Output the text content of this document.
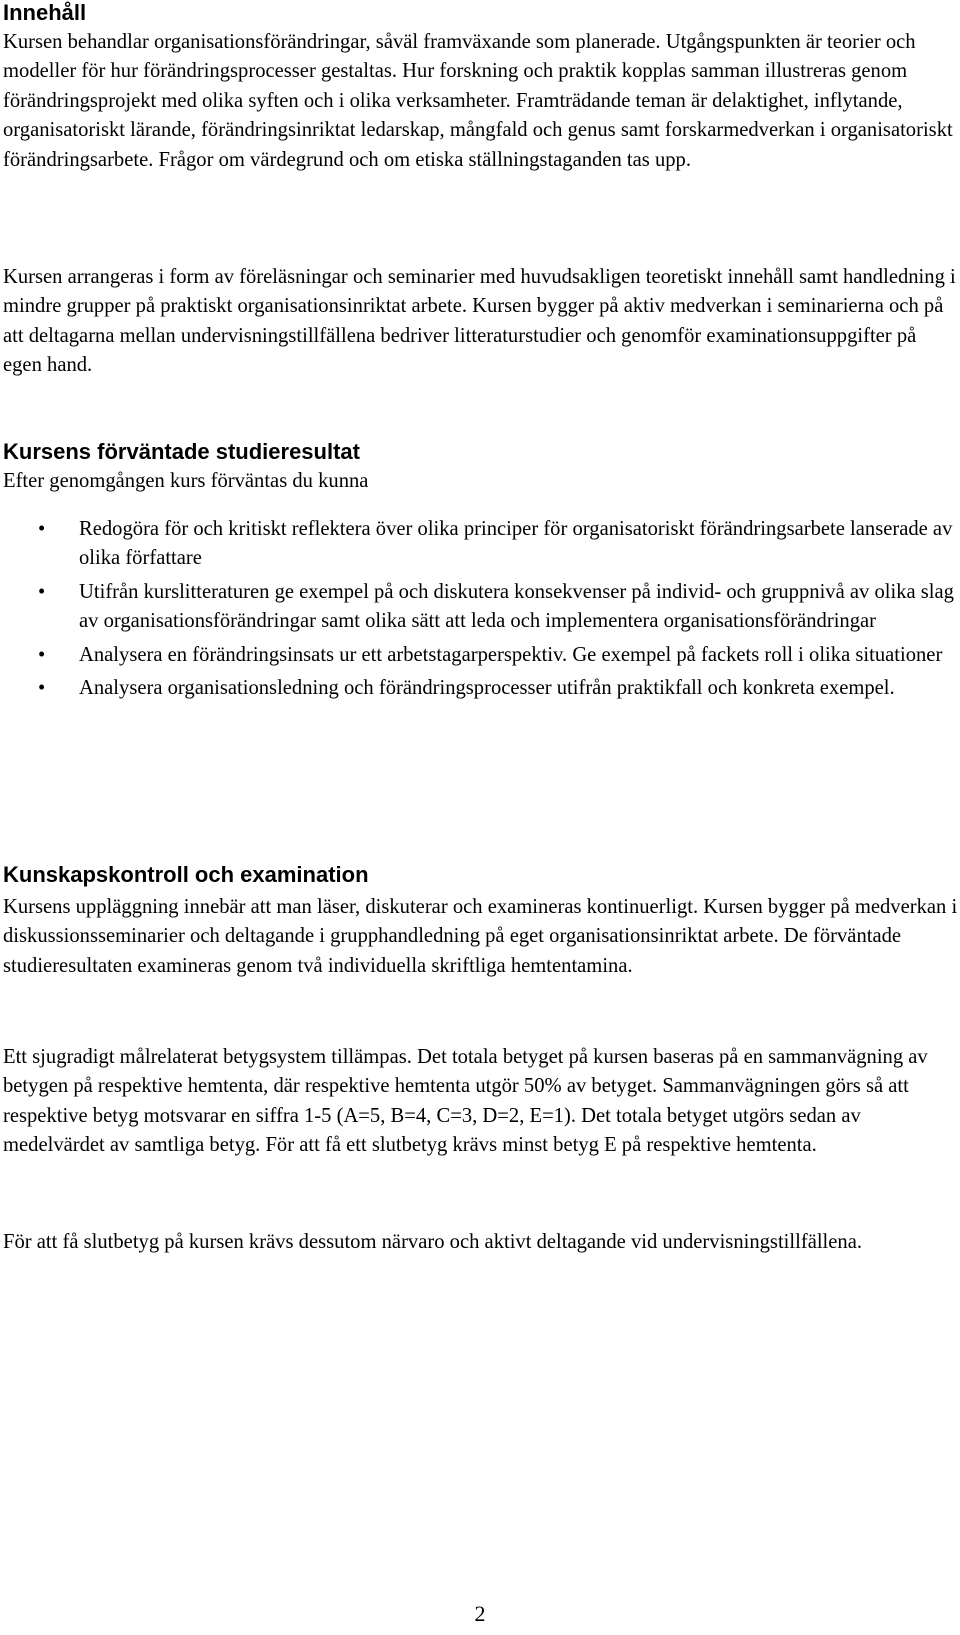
Innehåll

Kursen behandlar organisationsförändringar, såväl framväxande som planerade. Utgångspunkten är teorier och modeller för hur förändringsprocesser gestaltas. Hur forskning och praktik kopplas samman illustreras genom förändringsprojekt med olika syften och i olika verksamheter. Framträdande teman är delaktighet, inflytande, organisatoriskt lärande, förändringsinriktat ledarskap, mångfald och genus samt forskarmedverkan i organisatoriskt förändringsarbete. Frågor om värdegrund och om etiska ställningstaganden tas upp.

Kursen arrangeras i form av föreläsningar och seminarier med huvudsakligen teoretiskt innehåll samt handledning i mindre grupper på praktiskt organisationsinriktat arbete. Kursen bygger på aktiv medverkan i seminarierna och på att deltagarna mellan undervisningstillfällena bedriver litteraturstudier och genomför examinationsuppgifter på egen hand.

Kursens förväntade studieresultat

Efter genomgången kurs förväntas du kunna

• Redogöra för och kritiskt reflektera över olika principer för organisatoriskt förändringsarbete lanserade av olika författare
• Utifrån kurslitteraturen ge exempel på och diskutera konsekvenser på individ- och gruppnivå av olika slag av organisationsförändringar samt olika sätt att leda och implementera organisationsförändringar
• Analysera en förändringsinsats ur ett arbetstagarperspektiv. Ge exempel på fackets roll i olika situationer
• Analysera organisationsledning och förändringsprocesser utifrån praktikfall och konkreta exempel.
Kunskapskontroll och examination

Kursens uppläggning innebär att man läser, diskuterar och examineras kontinuerligt. Kursen bygger på medverkan i diskussionsseminarier och deltagande i grupphandledning på eget organisationsinriktat arbete. De förväntade studieresultaten examineras genom två individuella skriftliga hemtentamina.

Ett sjugradigt målrelaterat betygsystem tillämpas. Det totala betyget på kursen baseras på en sammanvägning av betygen på respektive hemtenta, där respektive hemtenta utgör 50% av betyget. Sammanvägningen görs så att respektive betyg motsvarar en siffra 1-5 (A=5, B=4, C=3, D=2, E=1). Det totala betyget utgörs sedan av medelvärdet av samtliga betyg. För att få ett slutbetyg krävs minst betyg E på respektive hemtenta.

För att få slutbetyg på kursen krävs dessutom närvaro och aktivt deltagande vid undervisningstillfällena.

2
